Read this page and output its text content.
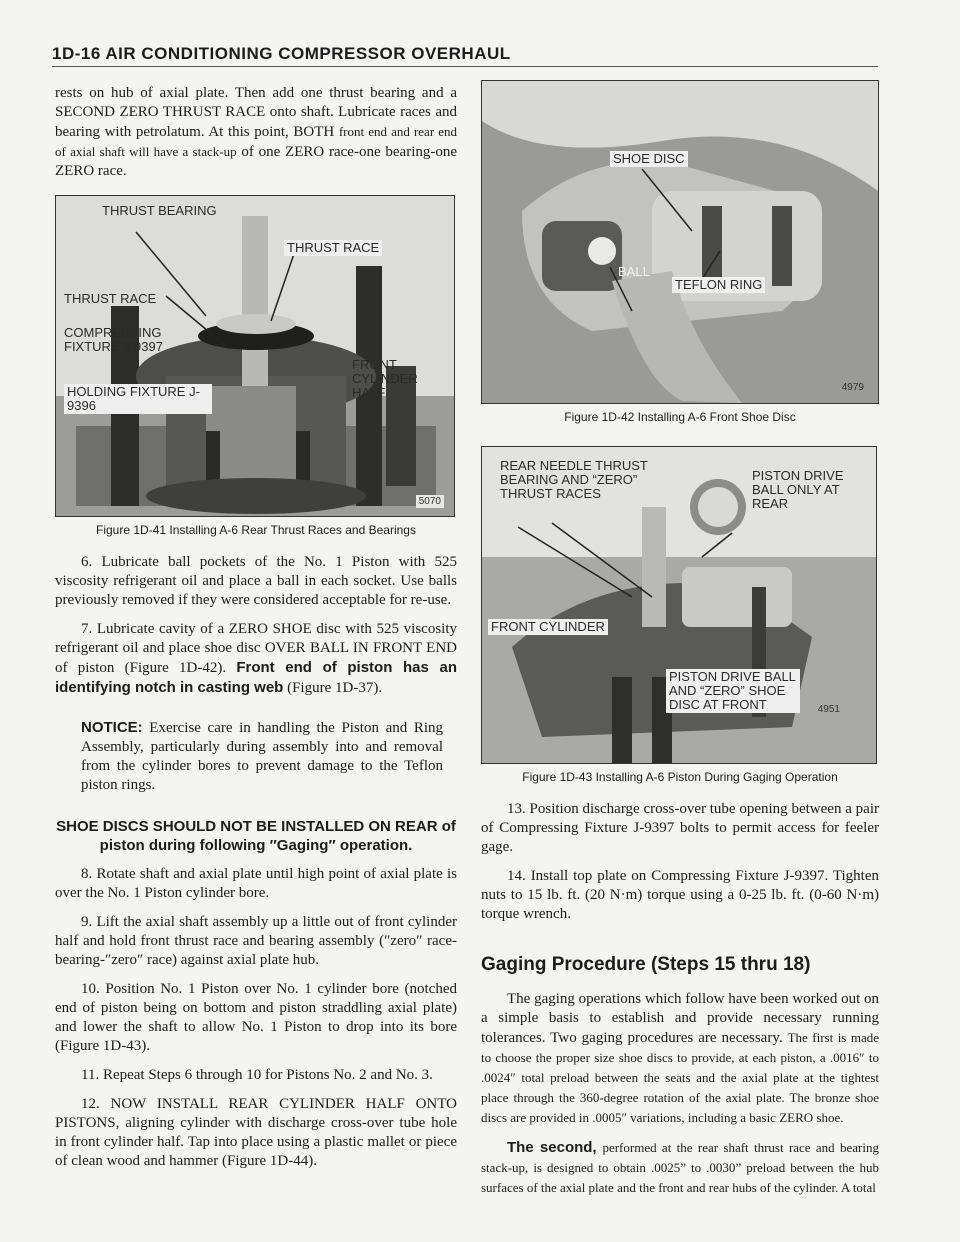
1D-16 AIR CONDITIONING COMPRESSOR OVERHAUL

rests on hub of axial plate. Then add one thrust bearing and a SECOND ZERO THRUST RACE onto shaft. Lubricate races and bearing with petrolatum. At this point, BOTH front end and rear end of axial shaft will have a stack-up of one ZERO race-one bearing-one ZERO race.

THRUST BEARING
THRUST RACE
THRUST RACE
COMPRESSING FIXTURE J-9397
FRONT CYLINDER HALF
HOLDING FIXTURE J-9396
5070
Figure 1D-41 Installing A-6 Rear Thrust Races and Bearings

6. Lubricate ball pockets of the No. 1 Piston with 525 viscosity refrigerant oil and place a ball in each socket. Use balls previously removed if they were considered acceptable for re-use.

7. Lubricate cavity of a ZERO SHOE disc with 525 viscosity refrigerant oil and place shoe disc OVER BALL IN FRONT END of piston (Figure 1D-42). Front end of piston has an identifying notch in casting web (Figure 1D-37).

NOTICE: Exercise care in handling the Piston and Ring Assembly, particularly during assembly into and removal from the cylinder bores to prevent damage to the Teflon piston rings.

SHOE DISCS SHOULD NOT BE INSTALLED ON REAR of piston during following ″Gaging″ operation.

8. Rotate shaft and axial plate until high point of axial plate is over the No. 1 Piston cylinder bore.

9. Lift the axial shaft assembly up a little out of front cylinder half and hold front thrust race and bearing assembly (″zero″ race-bearing-″zero″ race) against axial plate hub.

10. Position No. 1 Piston over No. 1 cylinder bore (notched end of piston being on bottom and piston straddling axial plate) and lower the shaft to allow No. 1 Piston to drop into its bore (Figure 1D-43).

11. Repeat Steps 6 through 10 for Pistons No. 2 and No. 3.

12. NOW INSTALL REAR CYLINDER HALF ONTO PISTONS, aligning cylinder with discharge cross-over tube hole in front cylinder half. Tap into place using a plastic mallet or piece of clean wood and hammer (Figure 1D-44).

SHOE DISC
BALL
TEFLON RING
4979
Figure 1D-42 Installing A-6 Front Shoe Disc
REAR NEEDLE THRUST BEARING AND “ZERO” THRUST RACES
PISTON DRIVE BALL ONLY AT REAR
FRONT CYLINDER
PISTON DRIVE BALL AND “ZERO” SHOE DISC AT FRONT	4951
Figure 1D-43 Installing A-6 Piston During Gaging Operation

13. Position discharge cross-over tube opening between a pair of Compressing Fixture J-9397 bolts to permit access for feeler gage.

14. Install top plate on Compressing Fixture J-9397. Tighten nuts to 15 lb. ft. (20 N·m) torque using a 0-25 lb. ft. (0-60 N·m) torque wrench.

Gaging Procedure (Steps 15 thru 18)

The gaging operations which follow have been worked out on a simple basis to establish and provide necessary running tolerances. Two gaging procedures are necessary. The first is made to choose the proper size shoe discs to provide, at each piston, a .0016″ to .0024″ total preload between the seats and the axial plate at the tightest place through the 360-degree rotation of the axial plate. The bronze shoe discs are provided in .0005″ variations, including a basic ZERO shoe.

The second, performed at the rear shaft thrust race and bearing stack-up, is designed to obtain .0025” to .0030” preload between the hub surfaces of the axial plate and the front and rear hubs of the cylinder. A total
